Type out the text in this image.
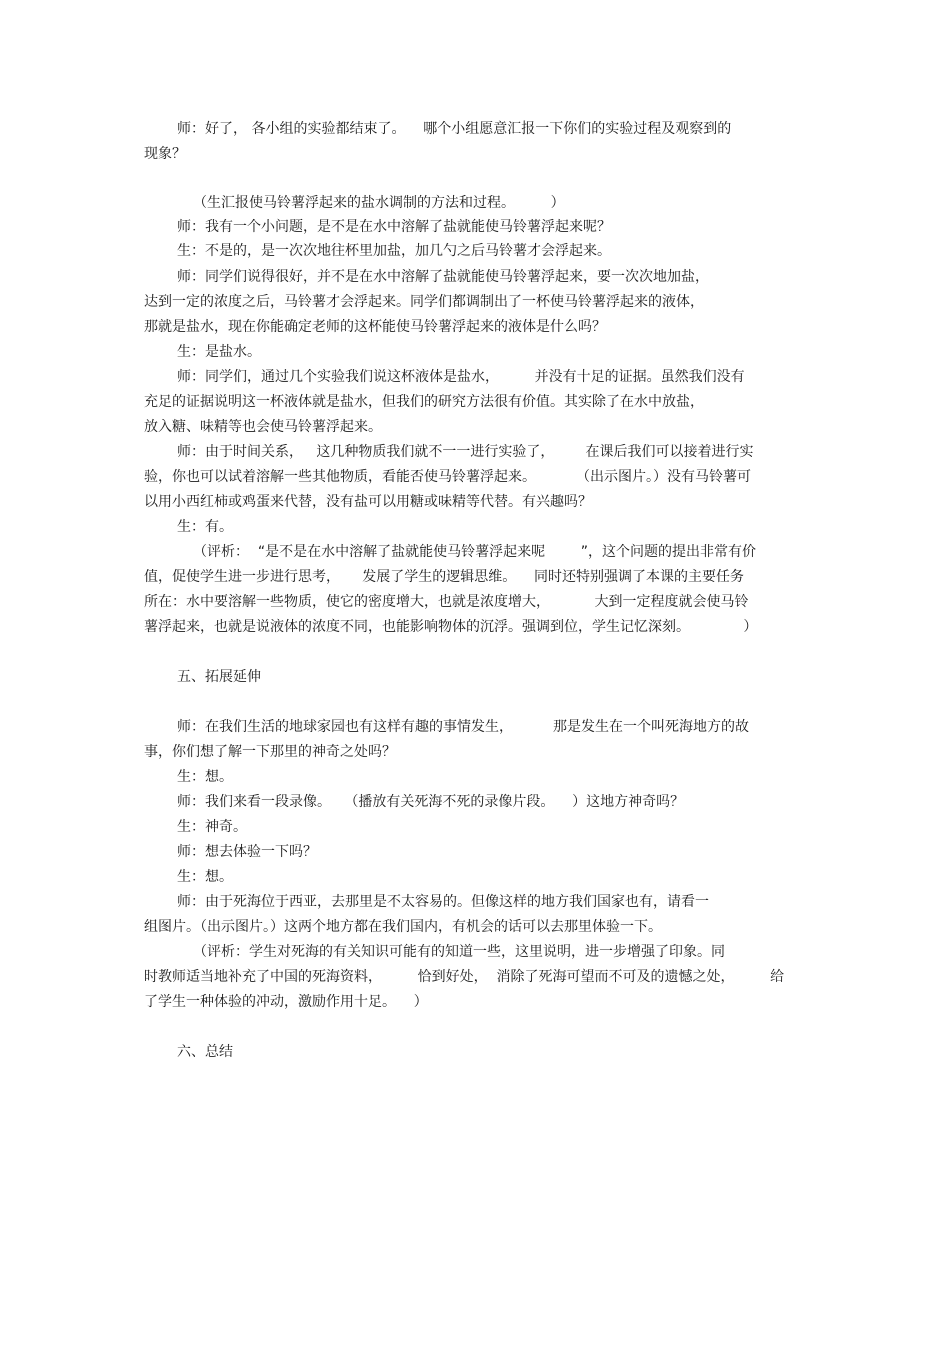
师：好了， 各小组的实验都结束了。    哪个小组愿意汇报一下你们的实验过程及观察到的
现象？
（生汇报使马铃薯浮起来的盐水调制的方法和过程。        ）
师：我有一个小问题，是不是在水中溶解了盐就能使马铃薯浮起来呢？
生：不是的，是一次次地往杯里加盐，加几勺之后马铃薯才会浮起来。
师：同学们说得很好，并不是在水中溶解了盐就能使马铃薯浮起来，要一次次地加盐，
达到一定的浓度之后，马铃薯才会浮起来。同学们都调制出了一杯使马铃薯浮起来的液体，
那就是盐水，现在你能确定老师的这杯能使马铃薯浮起来的液体是什么吗？
生：是盐水。
师：同学们，通过几个实验我们说这杯液体是盐水，        并没有十足的证据。虽然我们没有
充足的证据说明这一杯液体就是盐水，但我们的研究方法很有价值。其实除了在水中放盐，
放入糖、味精等也会使马铃薯浮起来。
师：由于时间关系，   这几种物质我们就不一一进行实验了，       在课后我们可以接着进行实
验，你也可以试着溶解一些其他物质，看能否使马铃薯浮起来。         （出示图片。）没有马铃薯可
以用小西红柿或鸡蛋来代替，没有盐可以用糖或味精等代替。有兴趣吗？
生：有。
（评析：  “是不是在水中溶解了盐就能使马铃薯浮起来呢        ”，这个问题的提出非常有价
值，促使学生进一步进行思考，     发展了学生的逻辑思维。    同时还特别强调了本课的主要任务
所在：水中要溶解一些物质，使它的密度增大，也就是浓度增大，          大到一定程度就会使马铃
薯浮起来，也就是说液体的浓度不同，也能影响物体的沉浮。强调到位，学生记忆深刻。            ）
五、拓展延伸
师：在我们生活的地球家园也有这样有趣的事情发生，         那是发生在一个叫死海地方的故
事，你们想了解一下那里的神奇之处吗？
生：想。
师：我们来看一段录像。   （播放有关死海不死的录像片段。    ）这地方神奇吗？
生：神奇。
师：想去体验一下吗？
生：想。
师：由于死海位于西亚，去那里是不太容易的。但像这样的地方我们国家也有，请看一
组图片。（出示图片。）这两个地方都在我们国内，有机会的话可以去那里体验一下。
（评析：学生对死海的有关知识可能有的知道一些，这里说明，进一步增强了印象。同
时教师适当地补充了中国的死海资料，        恰到好处，  消除了死海可望而不可及的遗憾之处，        给
了学生一种体验的冲动，激励作用十足。    ）
六、总结
